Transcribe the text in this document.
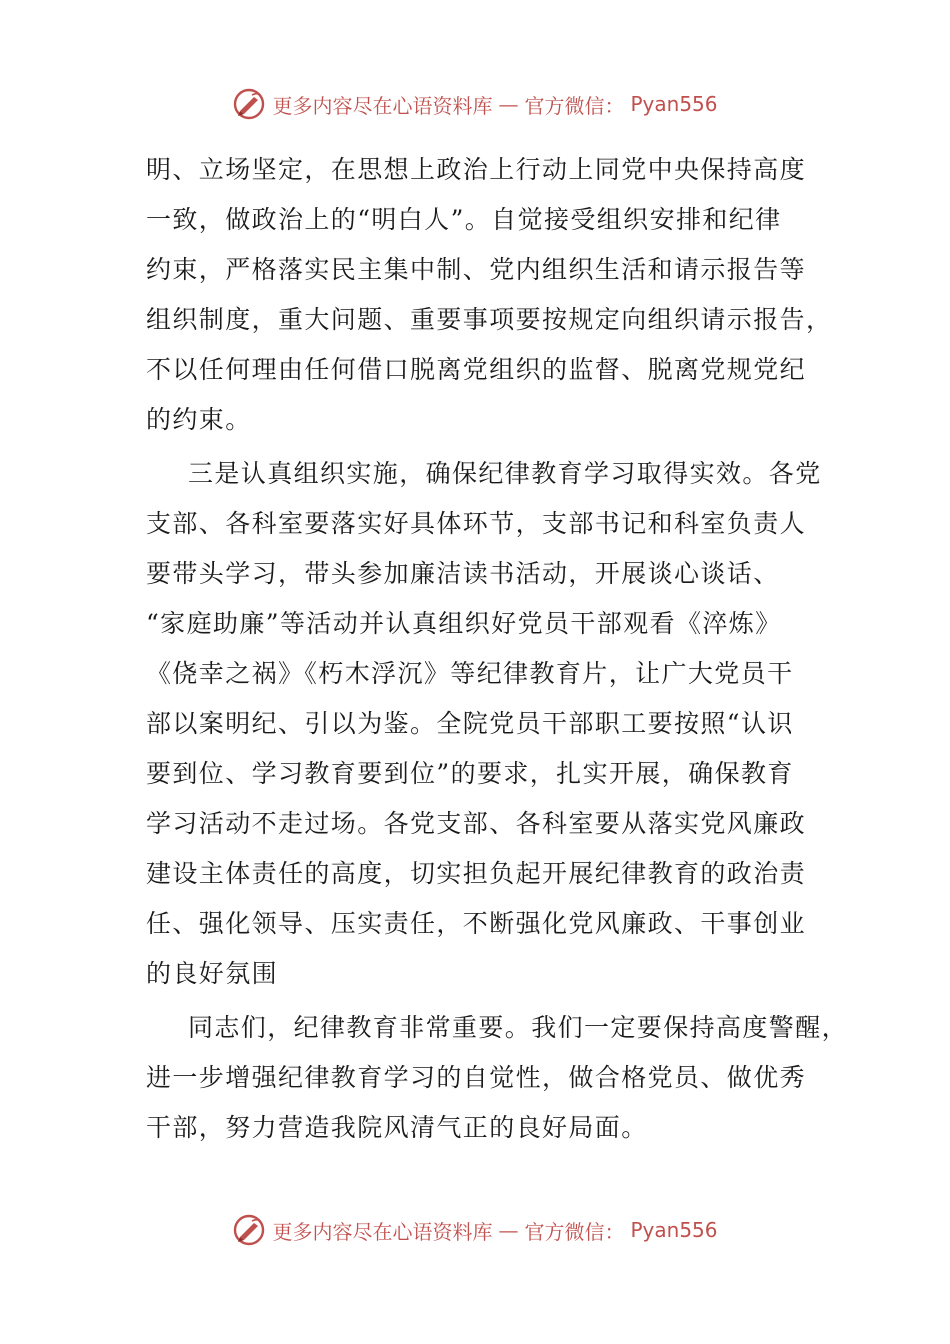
更多内容尽在心语资料库 — 官方微信： Pyan556
明、立场坚定，在思想上政治上行动上同党中央保持高度
一致，做政治上的“明白人”。自觉接受组织安排和纪律
约束，严格落实民主集中制、党内组织生活和请示报告等
组织制度，重大问题、重要事项要按规定向组织请示报告，
不以任何理由任何借口脱离党组织的监督、脱离党规党纪
的约束。
三是认真组织实施，确保纪律教育学习取得实效。各党
支部、各科室要落实好具体环节，支部书记和科室负责人
要带头学习，带头参加廉洁读书活动，开展谈心谈话、
“家庭助廉”等活动并认真组织好党员干部观看《淬炼》
《侥幸之祸》《朽木浮沉》等纪律教育片，让广大党员干
部以案明纪、引以为鉴。全院党员干部职工要按照“认识
要到位、学习教育要到位”的要求，扎实开展，确保教育
学习活动不走过场。各党支部、各科室要从落实党风廉政
建设主体责任的高度，切实担负起开展纪律教育的政治责
任、强化领导、压实责任，不断强化党风廉政、干事创业
的良好氛围
同志们，纪律教育非常重要。我们一定要保持高度警醒，
进一步增强纪律教育学习的自觉性，做合格党员、做优秀
干部，努力营造我院风清气正的良好局面。
更多内容尽在心语资料库 — 官方微信： Pyan556
